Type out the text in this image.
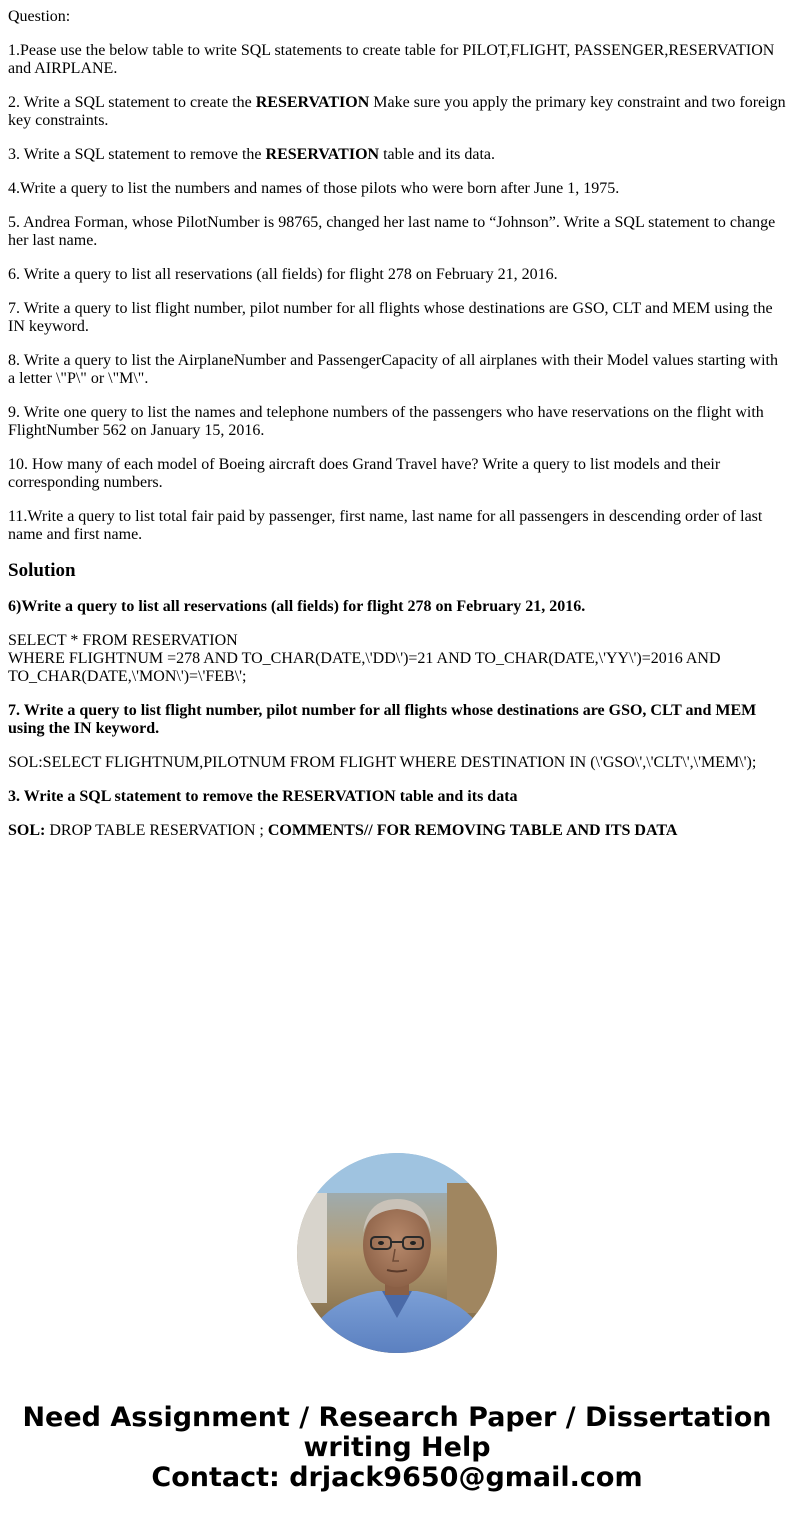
Question:

1.Pease use the below table to write SQL statements to create table for PILOT,FLIGHT, PASSENGER,RESERVATION and AIRPLANE.

2. Write a SQL statement to create the RESERVATION Make sure you apply the primary key constraint and two foreign key constraints.

3. Write a SQL statement to remove the RESERVATION table and its data.

4.Write a query to list the numbers and names of those pilots who were born after June 1, 1975.

5. Andrea Forman, whose PilotNumber is 98765, changed her last name to “Johnson”. Write a SQL statement to change her last name.

6. Write a query to list all reservations (all fields) for flight 278 on February 21, 2016.

7. Write a query to list flight number, pilot number for all flights whose destinations are GSO, CLT and MEM using the IN keyword.

8. Write a query to list the AirplaneNumber and PassengerCapacity of all airplanes with their Model values starting with a letter \"P\" or \"M\".

9. Write one query to list the names and telephone numbers of the passengers who have reservations on the flight with FlightNumber 562 on January 15, 2016.

10. How many of each model of Boeing aircraft does Grand Travel have? Write a query to list models and their corresponding numbers.

11.Write a query to list total fair paid by passenger, first name, last name for all passengers in descending order of last name and first name.

Solution

6)Write a query to list all reservations (all fields) for flight 278 on February 21, 2016.

SELECT * FROM RESERVATION
WHERE FLIGHTNUM =278 AND TO_CHAR(DATE,\'DD\')=21 AND TO_CHAR(DATE,\'YY\')=2016 AND TO_CHAR(DATE,\'MON\')=\'FEB\';

7. Write a query to list flight number, pilot number for all flights whose destinations are GSO, CLT and MEM using the IN keyword.

SOL:SELECT FLIGHTNUM,PILOTNUM FROM FLIGHT WHERE DESTINATION IN (\'GSO\',\'CLT\',\'MEM\');

3. Write a SQL statement to remove the RESERVATION table and its data

SOL: DROP TABLE RESERVATION ; COMMENTS// FOR REMOVING TABLE AND ITS DATA

Need Assignment / Research Paper / Dissertation
writing Help
Contact: drjack9650@gmail.com
